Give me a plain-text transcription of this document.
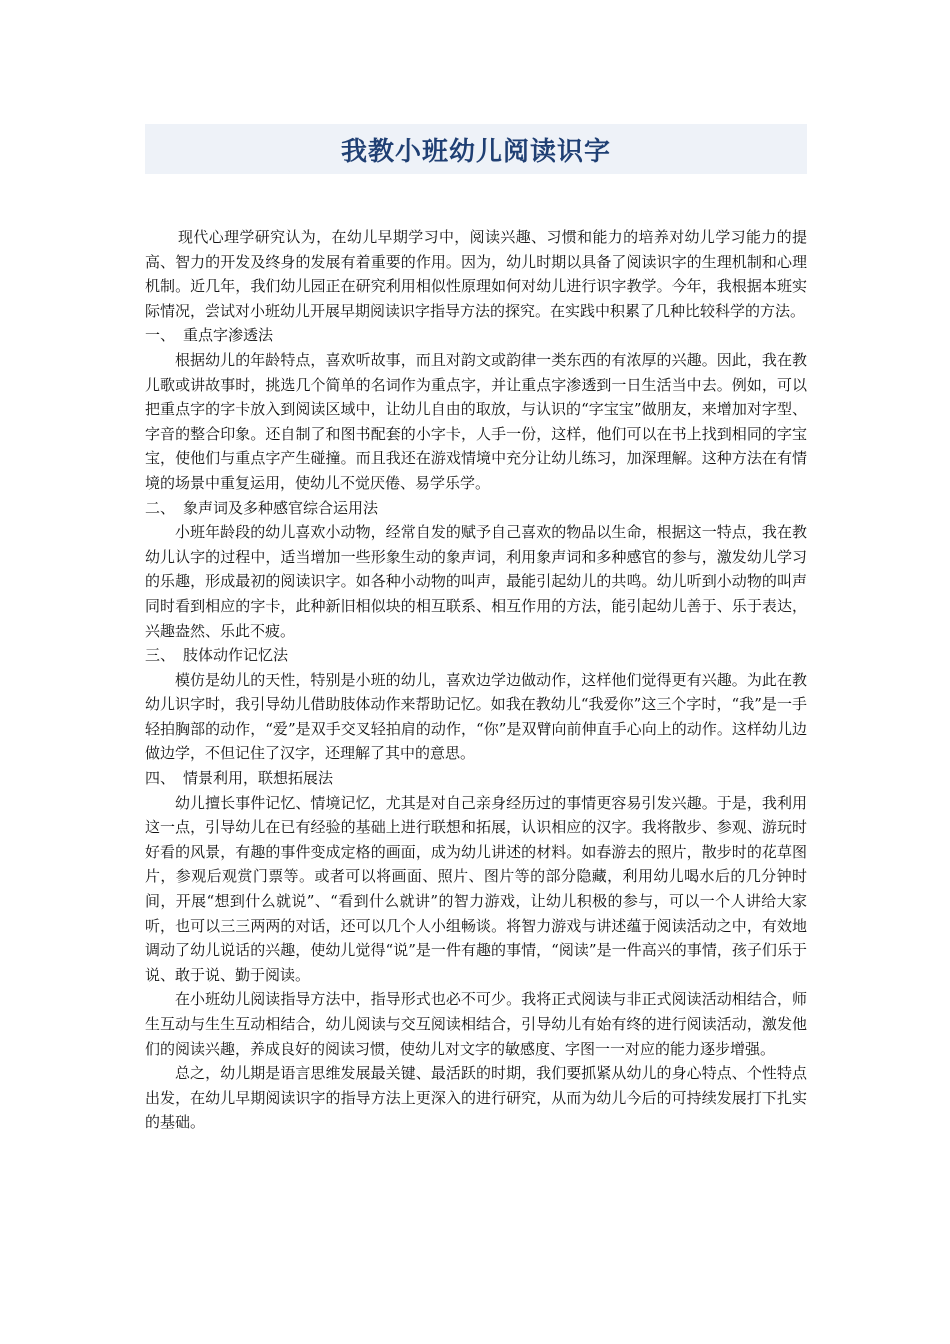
我教小班幼儿阅读识字

现代心理学研究认为，在幼儿早期学习中，阅读兴趣、习惯和能力的培养对幼儿学习能力的提高、智力的开发及终身的发展有着重要的作用。因为，幼儿时期以具备了阅读识字的生理机制和心理机制。近几年，我们幼儿园正在研究利用相似性原理如何对幼儿进行识字教学。今年，我根据本班实际情况，尝试对小班幼儿开展早期阅读识字指导方法的探究。在实践中积累了几种比较科学的方法。

一、 重点字渗透法

根据幼儿的年龄特点，喜欢听故事，而且对韵文或韵律一类东西的有浓厚的兴趣。因此，我在教儿歌或讲故事时，挑选几个简单的名词作为重点字，并让重点字渗透到一日生活当中去。例如，可以把重点字的字卡放入到阅读区域中，让幼儿自由的取放，与认识的“字宝宝”做朋友，来增加对字型、字音的整合印象。还自制了和图书配套的小字卡，人手一份，这样，他们可以在书上找到相同的字宝宝，使他们与重点字产生碰撞。而且我还在游戏情境中充分让幼儿练习，加深理解。这种方法在有情境的场景中重复运用，使幼儿不觉厌倦、易学乐学。

二、 象声词及多种感官综合运用法

小班年龄段的幼儿喜欢小动物，经常自发的赋予自己喜欢的物品以生命，根据这一特点，我在教幼儿认字的过程中，适当增加一些形象生动的象声词，利用象声词和多种感官的参与，激发幼儿学习的乐趣，形成最初的阅读识字。如各种小动物的叫声，最能引起幼儿的共鸣。幼儿听到小动物的叫声同时看到相应的字卡，此种新旧相似块的相互联系、相互作用的方法，能引起幼儿善于、乐于表达，兴趣盎然、乐此不疲。

三、 肢体动作记忆法

模仿是幼儿的天性，特别是小班的幼儿，喜欢边学边做动作，这样他们觉得更有兴趣。为此在教幼儿识字时，我引导幼儿借助肢体动作来帮助记忆。如我在教幼儿“我爱你”这三个字时，“我”是一手轻拍胸部的动作，“爱”是双手交叉轻拍肩的动作，“你”是双臂向前伸直手心向上的动作。这样幼儿边做边学，不但记住了汉字，还理解了其中的意思。

四、 情景利用，联想拓展法

幼儿擅长事件记忆、情境记忆，尤其是对自己亲身经历过的事情更容易引发兴趣。于是，我利用这一点，引导幼儿在已有经验的基础上进行联想和拓展，认识相应的汉字。我将散步、参观、游玩时好看的风景，有趣的事件变成定格的画面，成为幼儿讲述的材料。如春游去的照片，散步时的花草图片，参观后观赏门票等。或者可以将画面、照片、图片等的部分隐藏，利用幼儿喝水后的几分钟时间，开展“想到什么就说”、“看到什么就讲”的智力游戏，让幼儿积极的参与，可以一个人讲给大家听，也可以三三两两的对话，还可以几个人小组畅谈。将智力游戏与讲述蕴于阅读活动之中，有效地调动了幼儿说话的兴趣，使幼儿觉得“说”是一件有趣的事情，“阅读”是一件高兴的事情，孩子们乐于说、敢于说、勤于阅读。

在小班幼儿阅读指导方法中，指导形式也必不可少。我将正式阅读与非正式阅读活动相结合，师生互动与生生互动相结合，幼儿阅读与交互阅读相结合，引导幼儿有始有终的进行阅读活动，激发他们的阅读兴趣，养成良好的阅读习惯，使幼儿对文字的敏感度、字图一一对应的能力逐步增强。

总之，幼儿期是语言思维发展最关键、最活跃的时期，我们要抓紧从幼儿的身心特点、个性特点出发，在幼儿早期阅读识字的指导方法上更深入的进行研究，从而为幼儿今后的可持续发展打下扎实的基础。
